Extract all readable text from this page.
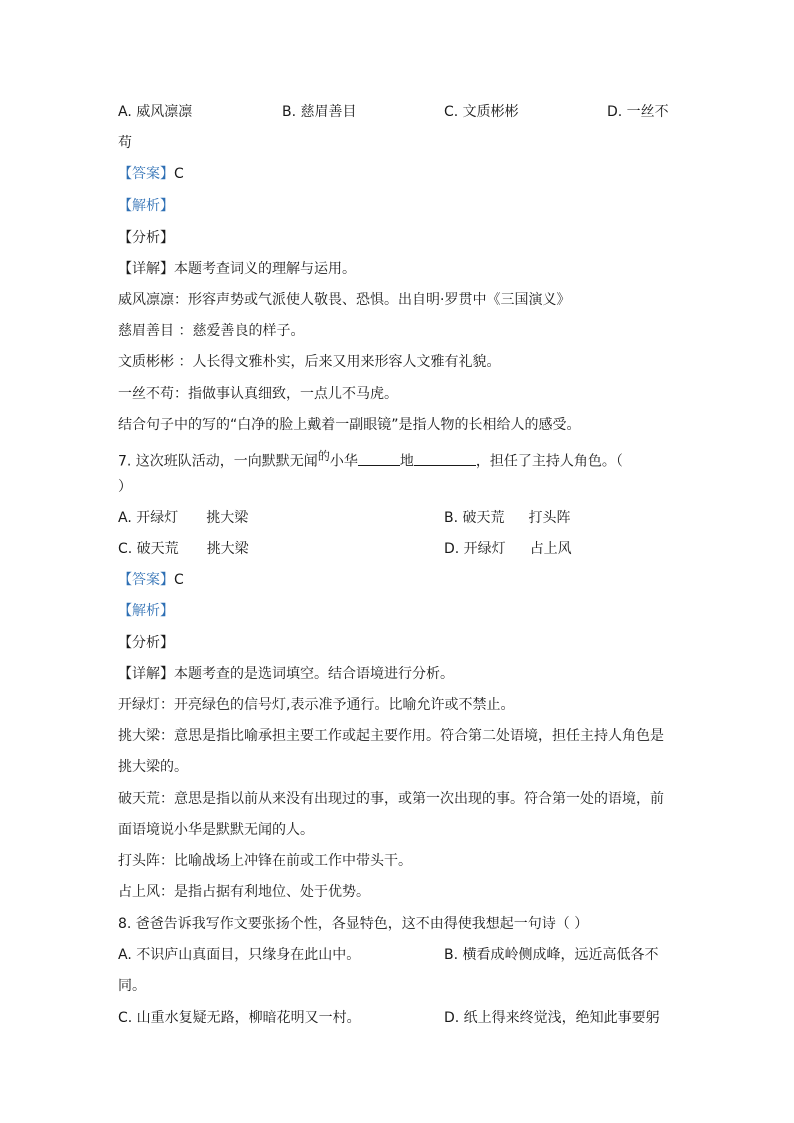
A. 威风凛凛	B. 慈眉善目	C. 文质彬彬	D. 一丝不
苟
【答案】C
【解析】
【分析】
【详解】本题考查词义的理解与运用。
威风凛凛：形容声势或气派使人敬畏、恐惧。出自明·罗贯中《三国演义》
慈眉善目 ：慈爱善良的样子。
文质彬彬 ：人长得文雅朴实，后来又用来形容人文雅有礼貌。
一丝不苟：指做事认真细致，一点儿不马虎。
结合句子中的写的“白净的脸上戴着一副眼镜”是指人物的长相给人的感受。
7. 这次班队活动，一向默默无闻$^的$小华	地	，担任了主持人角色。（
）
A. 开绿灯 挑大梁	B. 破天荒 打头阵
C. 破天荒 挑大梁	D. 开绿灯 占上风
【答案】C
【解析】
【分析】
【详解】本题考查的是选词填空。结合语境进行分析。
开绿灯：开亮绿色的信号灯,表示准予通行。比喻允许或不禁止。
挑大梁：意思是指比喻承担主要工作或起主要作用。符合第二处语境，担任主持人角色是
挑大梁的。
破天荒：意思是指以前从来没有出现过的事，或第一次出现的事。符合第一处的语境，前
面语境说小华是默默无闻的人。
打头阵：比喻战场上冲锋在前或工作中带头干。
占上风：是指占据有利地位、处于优势。
8. 爸爸告诉我写作文要张扬个性，各显特色，这不由得使我想起一句诗（ ）
A. 不识庐山真面目，只缘身在此山中。	B. 横看成岭侧成峰，远近高低各不
同。
C. 山重水复疑无路，柳暗花明又一村。	D. 纸上得来终觉浅，绝知此事要躬
